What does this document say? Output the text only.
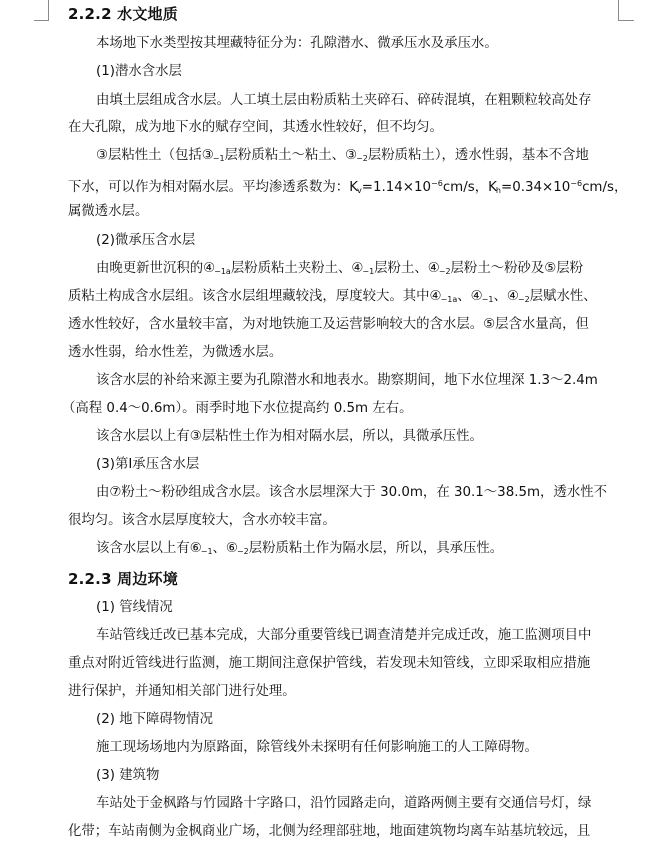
2.2.2 水文地质
本场地下水类型按其埋藏特征分为：孔隙潜水、微承压水及承压水。
(1)潜水含水层
由填土层组成含水层。人工填土层由粉质粘土夹碎石、碎砖混填，在粗颗粒较高处存
在大孔隙，成为地下水的赋存空间，其透水性较好，但不均匀。
③层粘性土（包括$③_{-1}$层粉质粘土～粘土、$③_{-2}$层粉质粘土），透水性弱，基本不含地
下水，可以作为相对隔水层。平均渗透系数为：$K_v=1.14\times 10^{-6}cm/s$，$K_h=0.34\times 10^{-6}cm/s$，
属微透水层。
(2)微承压含水层
由晚更新世沉积的$④_{-1a}$层粉质粘土夹粉土、$④_{-1}$层粉土、$④_{-2}$层粉土～粉砂及⑤层粉
质粘土构成含水层组。该含水层组埋藏较浅，厚度较大。其中$④_{-1a}$、$④_{-1}$、$④_{-2}$层赋水性、
透水性较好，含水量较丰富，为对地铁施工及运营影响较大的含水层。⑤层含水量高，但
透水性弱，给水性差，为微透水层。
该含水层的补给来源主要为孔隙潜水和地表水。勘察期间，地下水位埋深 1.3～2.4m
（高程 0.4～0.6m）。雨季时地下水位提高约 0.5m 左右。
该含水层以上有③层粘性土作为相对隔水层，所以，具微承压性。
(3)第Ⅰ承压含水层
由⑦粉土～粉砂组成含水层。该含水层埋深大于 30.0m，在 30.1～38.5m，透水性不
很均匀。该含水层厚度较大，含水亦较丰富。
该含水层以上有$⑥_{-1}$、$⑥_{-2}$层粉质粘土作为隔水层，所以，具承压性。
2.2.3 周边环境
(1) 管线情况
车站管线迁改已基本完成，大部分重要管线已调查清楚并完成迁改，施工监测项目中
重点对附近管线进行监测，施工期间注意保护管线，若发现未知管线，立即采取相应措施
进行保护，并通知相关部门进行处理。
(2) 地下障碍物情况
施工现场场地内为原路面，除管线外未探明有任何影响施工的人工障碍物。
(3) 建筑物
车站处于金枫路与竹园路十字路口，沿竹园路走向，道路两侧主要有交通信号灯，绿
化带；车站南侧为金枫商业广场，北侧为经理部驻地，地面建筑物均离车站基坑较远，且
